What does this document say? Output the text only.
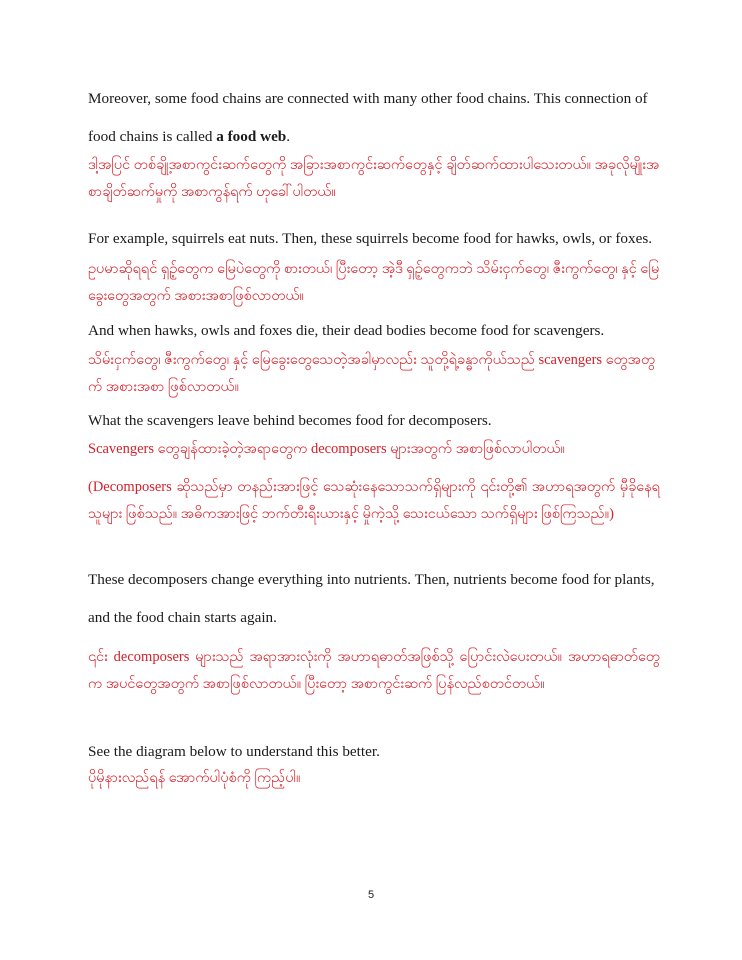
Moreover, some food chains are connected with many other food chains. This connection of food chains is called a food web.

ဒါ့အပြင် တစ်ချို့အစာကွင်းဆက်တွေကို အခြားအစာကွင်းဆက်တွေနှင့် ချိတ်ဆက်ထားပါသေးတယ်။ အခုလိုမျိုးအစာချိတ်ဆက်မှုကို အစာကွန်ရက် ဟုခေါ်ပါတယ်။

For example, squirrels eat nuts. Then, these squirrels become food for hawks, owls, or foxes.

ဥပမာဆိုရရင် ရှဉ့်တွေက မြေပဲတွေကို စားတယ်၊ ပြီးတော့ အဲ့ဒီ ရှဉ့်တွေကဘဲ သိမ်းငှက်တွေ၊ ဇီးကွက်တွေ၊ နှင့် မြေခွေးတွေအတွက် အစားအစာဖြစ်လာတယ်။

And when hawks, owls and foxes die, their dead bodies become food for scavengers.

သိမ်းငှက်တွေ၊ ဇီးကွက်တွေ၊ နှင့် မြေခွေးတွေသေတဲ့အခါမှာလည်း သူတို့ရဲ့ခန္ဓာကိုယ်သည် scavengers တွေအတွက် အစားအစာ ဖြစ်လာတယ်။

What the scavengers leave behind becomes food for decomposers.

Scavengers တွေချန်ထားခဲ့တဲ့အရာတွေက decomposers များအတွက် အစာဖြစ်လာပါတယ်။

(Decomposers ဆိုသည်မှာ တနည်းအားဖြင့် သေဆုံးနေသောသက်ရှိများကို ၎င်းတို့၏ အဟာရအတွက် မှီခိုနေရသူများ ဖြစ်သည်။ အဓိကအားဖြင့် ဘက်တီးရီးယားနှင့် မှိုကဲ့သို့ သေးငယ်သော သက်ရှိများ ဖြစ်ကြသည်။)

These decomposers change everything into nutrients. Then, nutrients become food for plants, and the food chain starts again.

၎င်း decomposers များသည် အရာအားလုံးကို အဟာရဓာတ်အဖြစ်သို့ ပြောင်းလဲပေးတယ်။ အဟာရဓာတ်တွေက အပင်တွေအတွက် အစာဖြစ်လာတယ်။ ပြီးတော့ အစာကွင်းဆက် ပြန်လည်စတင်တယ်။

See the diagram below to understand this better.

ပိုမိုနားလည်ရန် အောက်ပါပုံစံကို ကြည့်ပါ။

5
